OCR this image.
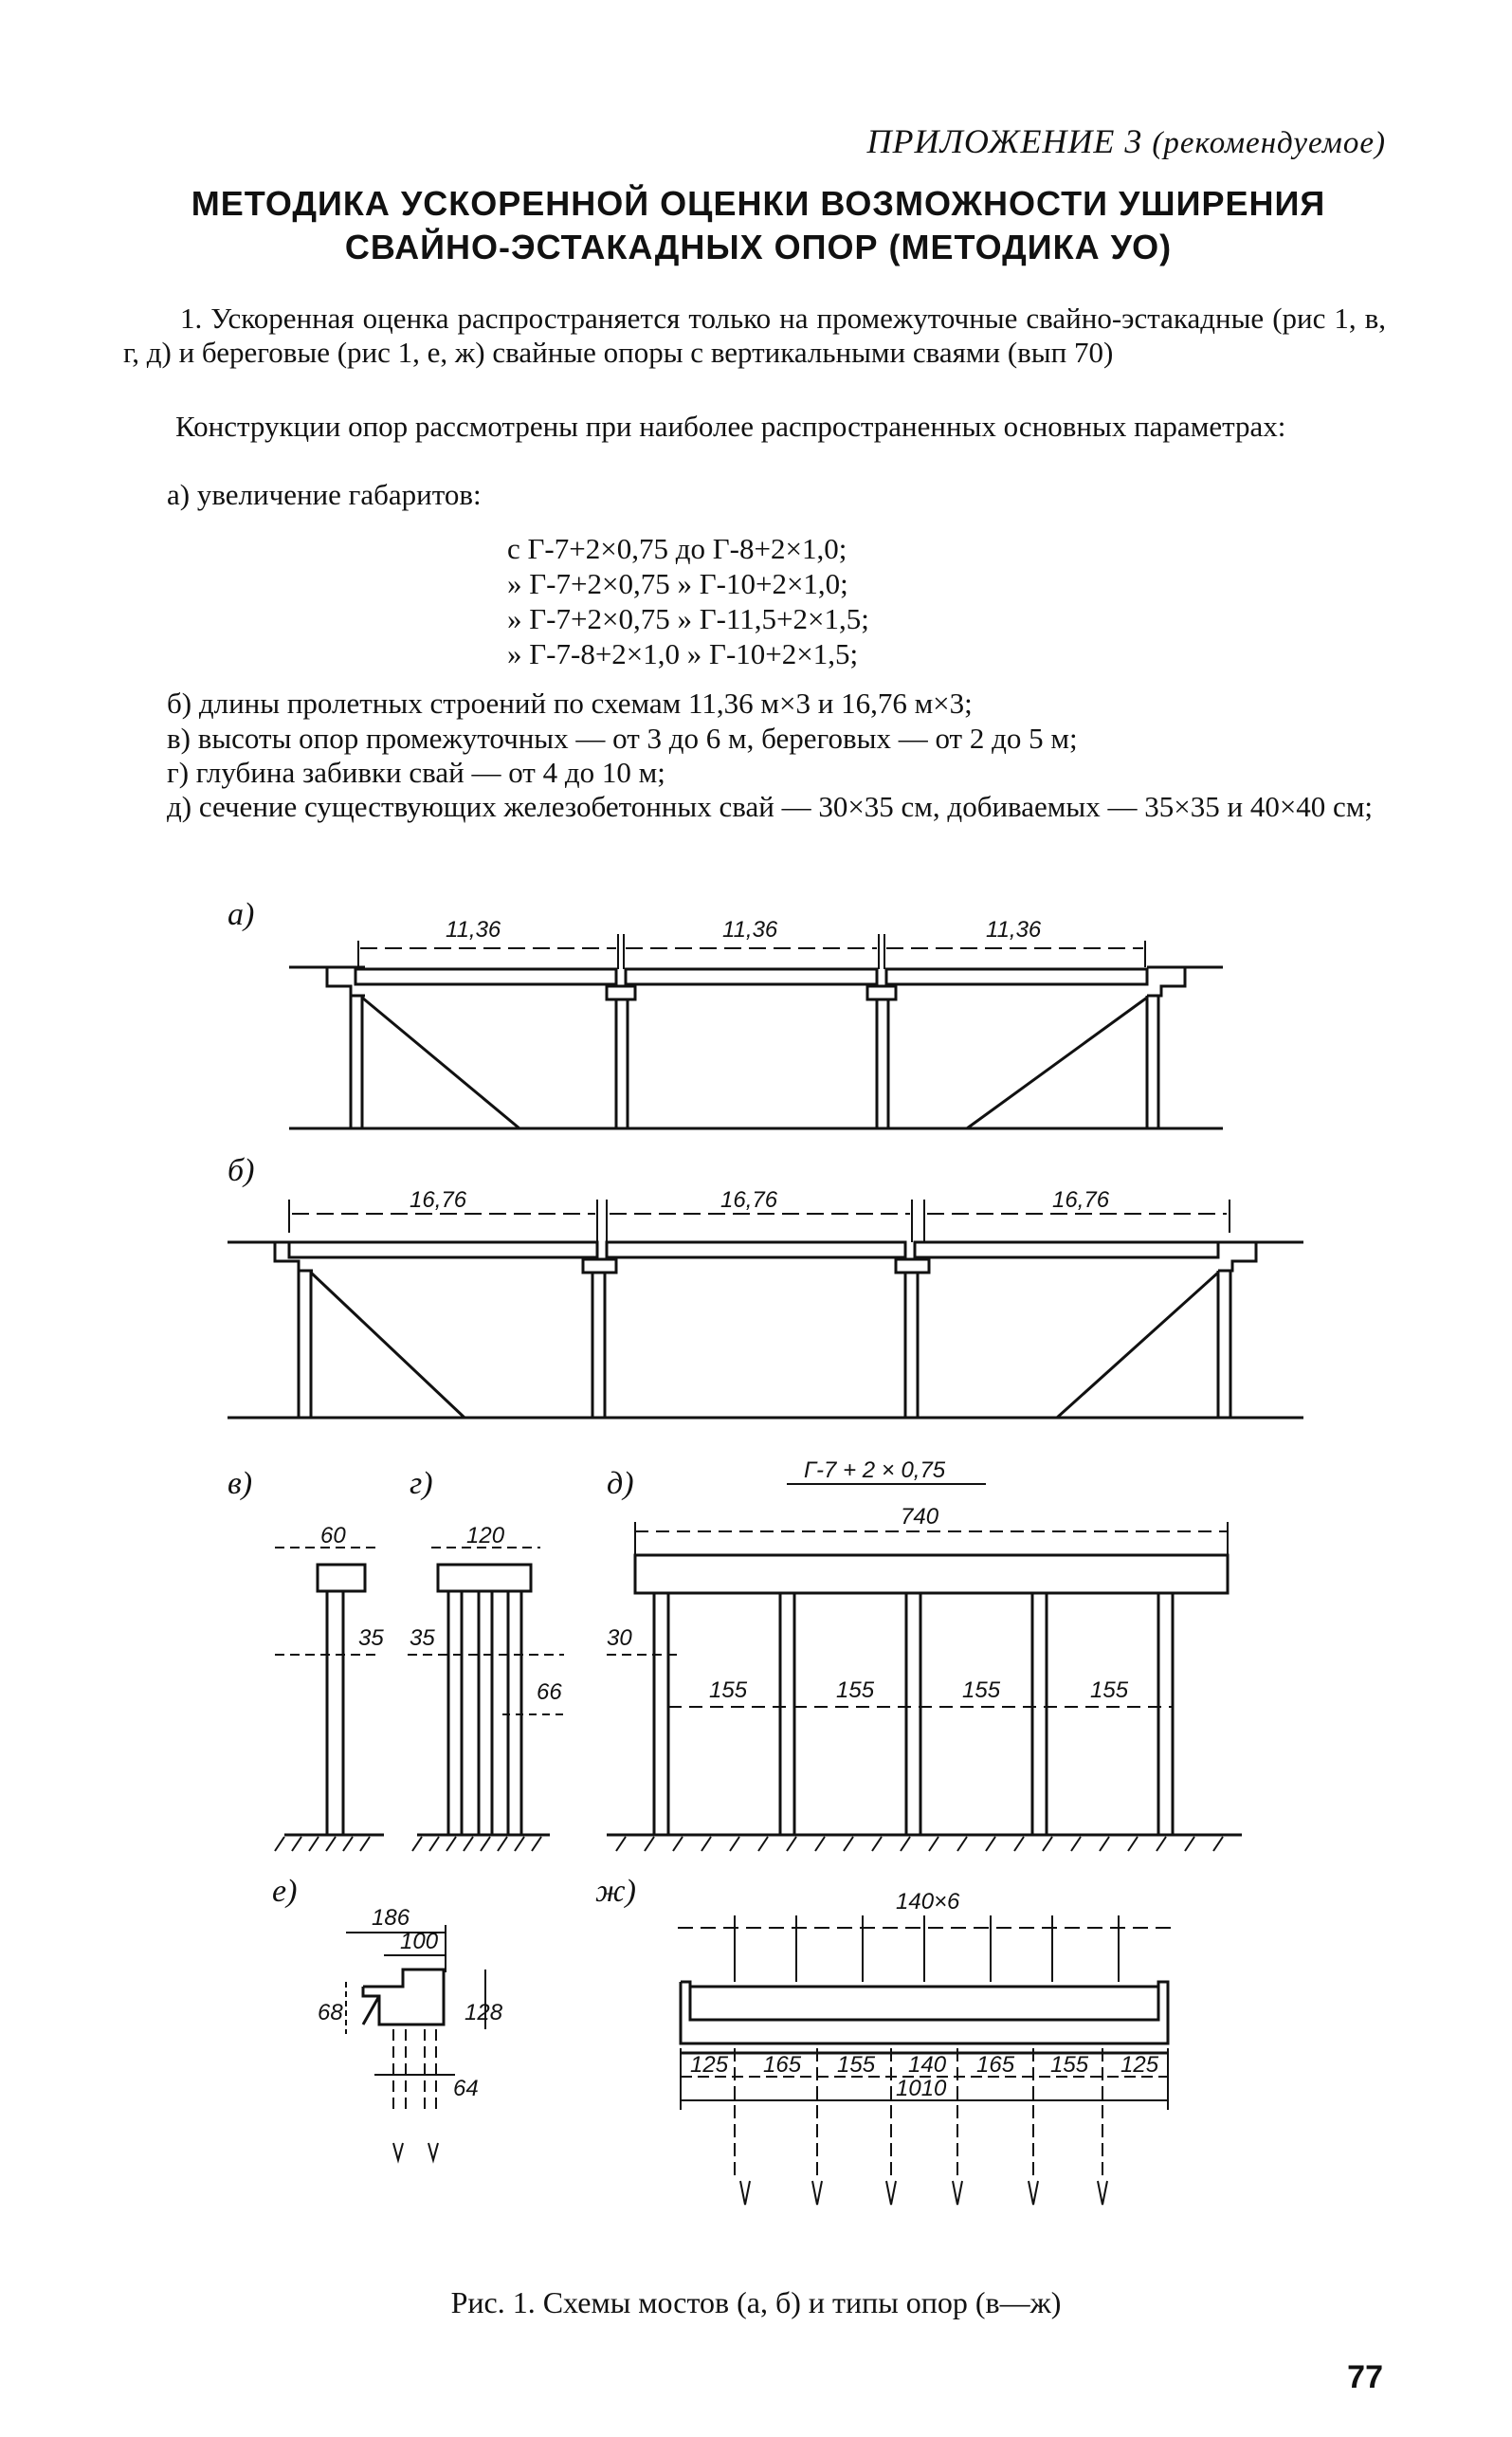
ПРИЛОЖЕНИЕ 3 (рекомендуемое)
МЕТОДИКА УСКОРЕННОЙ ОЦЕНКИ ВОЗМОЖНОСТИ УШИРЕНИЯ
СВАЙНО-ЭСТАКАДНЫХ ОПОР (МЕТОДИКА УО)

1. Ускоренная оценка распространяется только на промежуточные свайно-эстакадные (рис 1, в, г, д) и береговые (рис 1, е, ж) свайные опоры с вертикальными сваями (вып 70)

Конструкции опор рассмотрены при наиболее распространенных основных параметрах:

а) увеличение габаритов:

с Г-7+2×0,75 до Г-8+2×1,0;
» Г-7+2×0,75 » Г-10+2×1,0;
» Г-7+2×0,75 » Г-11,5+2×1,5;
» Г-7-8+2×1,0 » Г-10+2×1,5;

б) длины пролетных строений по схемам 11,36 м×3 и 16,76 м×3;

в) высоты опор промежуточных — от 3 до 6 м, береговых — от 2 до 5 м;

г) глубина забивки свай — от 4 до 10 м;

д) сечение существующих железобетонных свай — 30×35 см, добиваемых — 35×35 и 40×40 см;

а)
б)
в)	г)	д)
е)	ж)
11,36	11,36	11,36
16,76	16,76	16,76
60
35
120
35
66
Г-7 + 2 × 0,75
740
30
155	155	155	155
186
100
68	128
64
140×6
125 165 155 140 165 155 125
1010
Рис. 1. Схемы мостов (а, б) и типы опор (в—ж)
77
